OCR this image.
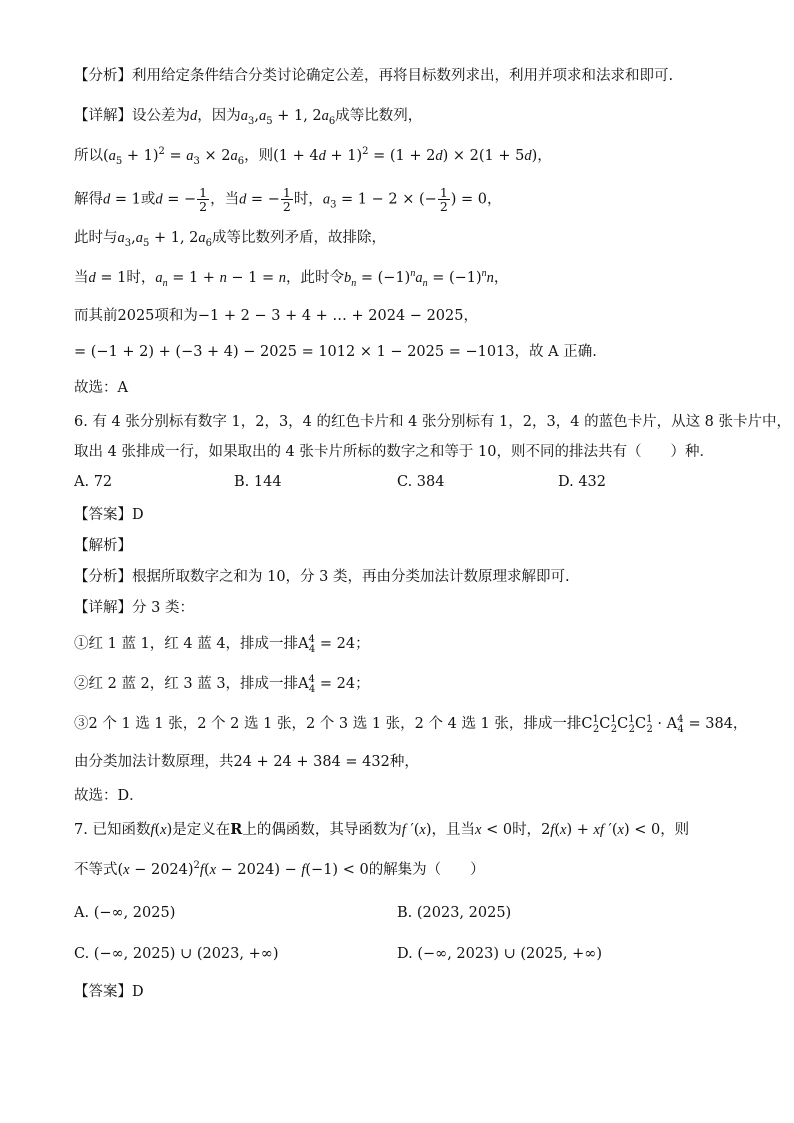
【分析】利用给定条件结合分类讨论确定公差，再将目标数列求出，利用并项求和法求和即可.
【详解】设公差为d，因为$a_3,a_5 + 1$, $2a_6$成等比数列，
所以$(a_5 + 1)^2 = a_3 \times 2a_6$，则$(1 + 4d + 1)^2 = (1 + 2d) \times 2(1 + 5d)$，
解得d = 1或d = − $\frac{1}{2}$ ，当d = − $\frac{1}{2}$ 时，$a_3 = 1 - 2$ × (− $\frac{1}{2}$ ) = 0，
此时与$a_3,a_5 + 1$, $2a_6$成等比数列矛盾，故排除，
当d = 1时，$a_n = 1 + n - 1 = n$，此时令$b_n = (-1)^na_n = (-1)^nn$，
而其前2025项和为−1 + 2 − 3 + 4 + … + 2024 − 2025，
= (−1 + 2) + (−3 + 4) − 2025 = 1012 × 1 − 2025 = −1013，故 A 正确.
故选：A
6. 有 4 张分别标有数字 1，2，3，4 的红色卡片和 4 张分别标有 1，2，3，4 的蓝色卡片，从这 8 张卡片中，
取出 4 张排成一行，如果取出的 4 张卡片所标的数字之和等于 10，则不同的排法共有（　　）种．
A. 72	B. 144	C. 384	D. 432
【答案】D
【解析】
【分析】根据所取数字之和为 10，分 3 类，再由分类加法计数原理求解即可.
【详解】分 3 类：
①红 1 蓝 1，红 4 蓝 4，排成一排$A^4_4 = 24$；
②红 2 蓝 2，红 3 蓝 3，排成一排$A^4_4 = 24$；
③2 个 1 选 1 张，2 个 2 选 1 张，2 个 3 选 1 张，2 个 4 选 1 张，排成一排$C^1_2C^1_2C^1_2C^1_2 \cdot A^4_4 = 384$，
由分类加法计数原理，共24 + 24 + 384 = 432种，
故选：D．
7. 已知函数f(x)是定义在R上的偶函数，其导函数为f ′(x)，且当x < 0时，2f(x) + xf ′(x) < 0，则
不等式$(x - 2024)^2f(x - 2024) - f(-1) < 0$的解集为（　　）
A. (−∞, 2025)	B. (2023, 2025)
C. (−∞, 2025) ∪ (2023, +∞)	D. (−∞, 2023) ∪ (2025, +∞)
【答案】D
